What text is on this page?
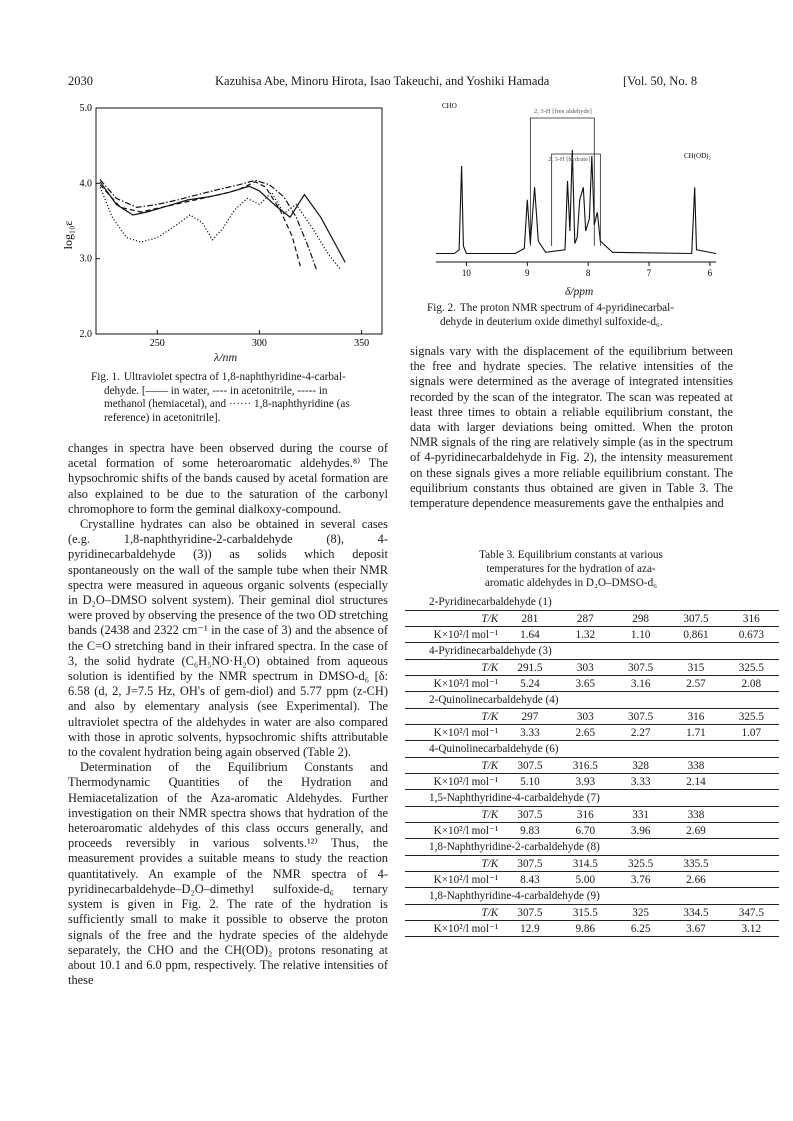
2030	Kazuhisa Abe, Minoru Hirota, Isao Takeuchi, and Yoshiki Hamada	[Vol. 50, No. 8
2.0
3.0
4.0
5.0
250	300	350
log₁₀ε
λ/nm
Fig. 1. Ultraviolet spectra of 1,8-naphthyridine-4-carbal-
dehyde. [—— in water, ---- in acetonitrile, ----- in
methanol (hemiacetal), and ······ 1,8-naphthyridine (as
reference) in acetonitrile].
10	9	8	7	6
CHO
CH(OD)₂
2, 3-H [free aldehyde]
2, 3-H [hydrate]
δ/ppm
Fig. 2. The proton NMR spectrum of 4-pyridinecarbal-
dehyde in deuterium oxide dimethyl sulfoxide-d₆.

changes in spectra have been observed during the course of acetal formation of some heteroaromatic aldehydes.⁸⁾ The hypsochromic shifts of the bands caused by acetal formation are also explained to be due to the saturation of the carbonyl chromophore to form the geminal dialkoxy-compound.

Crystalline hydrates can also be obtained in several cases (e.g. 1,8-naphthyridine-2-carbaldehyde (8), 4-pyridinecarbaldehyde (3)) as solids which deposit spontaneously on the wall of the sample tube when their NMR spectra were measured in aqueous organic solvents (especially in D₂O–DMSO solvent system). Their geminal diol structures were proved by observing the presence of the two OD stretching bands (2438 and 2322 cm⁻¹ in the case of 3) and the absence of the C=O stretching band in their infrared spectra. In the case of 3, the solid hydrate (C₆H₅NO·H₂O) obtained from aqueous solution is identified by the NMR spectrum in DMSO-d₆ [δ: 6.58 (d, 2, J=7.5 Hz, OH's of gem-diol) and 5.77 ppm (z-CH) and also by elementary analysis (see Experimental). The ultraviolet spectra of the aldehydes in water are also compared with those in aprotic solvents, hypsochromic shifts attributable to the covalent hydration being again observed (Table 2).

Determination of the Equilibrium Constants and Thermodynamic Quantities of the Hydration and Hemiacetalization of the Aza-aromatic Aldehydes. Further investigation on their NMR spectra shows that hydration of the heteroaromatic aldehydes of this class occurs generally, and proceeds reversibly in various solvents.¹²⁾ Thus, the measurement provides a suitable means to study the reaction quantitatively. An example of the NMR spectra of 4-pyridinecarbaldehyde–D₂O–dimethyl sulfoxide-d₆ ternary system is given in Fig. 2. The rate of the hydration is sufficiently small to make it possible to observe the proton signals of the free and the hydrate species of the aldehyde separately, the CHO and the CH(OD)₂ protons resonating at about 10.1 and 6.0 ppm, respectively. The relative intensities of these

signals vary with the displacement of the equilibrium between the free and hydrate species. The relative intensities of the signals were determined as the average of integrated intensities recorded by the scan of the integrator. The scan was repeated at least three times to obtain a reliable equilibrium constant, the data with larger deviations being omitted. When the proton NMR signals of the ring are relatively simple (as in the spectrum of 4-pyridinecarbaldehyde in Fig. 2), the intensity measurement on these signals gives a more reliable equilibrium constant. The equilibrium constants thus obtained are given in Table 3. The temperature dependence measurements gave the enthalpies and

Table 3. Equilibrium constants at various
temperatures for the hydration of aza-
aromatic aldehydes in D₂O–DMSO-d₆
2-Pyridinecarbaldehyde (1)					
T/K	281	287	298	307.5	316
K×10²/l mol⁻¹	1.64	1.32	1.10	0.861	0.673
4-Pyridinecarbaldehyde (3)					
T/K	291.5	303	307.5	315	325.5
K×10²/l mol⁻¹	5.24	3.65	3.16	2.57	2.08
2-Quinolinecarbaldehyde (4)					
T/K	297	303	307.5	316	325.5
K×10²/l mol⁻¹	3.33	2.65	2.27	1.71	1.07
4-Quinolinecarbaldehyde (6)					
T/K	307.5	316.5	328	338	
K×10²/l mol⁻¹	5.10	3.93	3.33	2.14	
1,5-Naphthyridine-4-carbaldehyde (7)					
T/K	307.5	316	331	338	
K×10²/l mol⁻¹	9.83	6.70	3.96	2.69	
1,8-Naphthyridine-2-carbaldehyde (8)					
T/K	307.5	314.5	325.5	335.5	
K×10²/l mol⁻¹	8.43	5.00	3.76	2.66	
1,8-Naphthyridine-4-carbaldehyde (9)					
T/K	307.5	315.5	325	334.5	347.5
K×10²/l mol⁻¹	12.9	9.86	6.25	3.67	3.12
